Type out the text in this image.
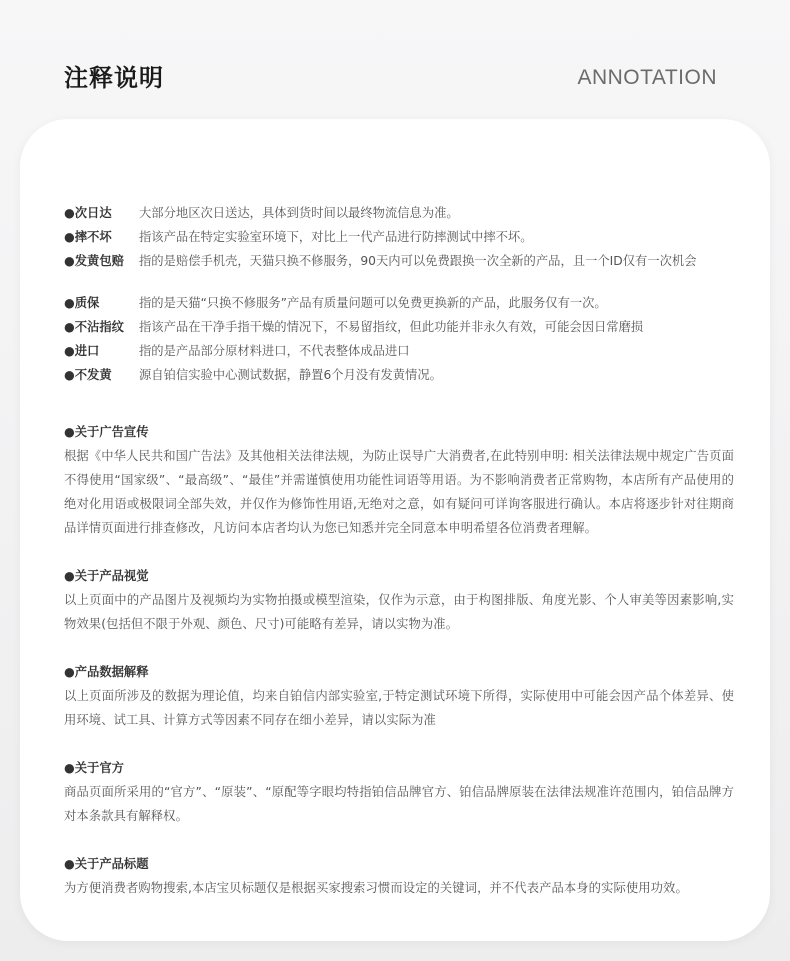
注释说明	ANNOTATION
●次日达	大部分地区次日送达，具体到货时间以最终物流信息为准。
●摔不坏	指该产品在特定实验室环境下，对比上一代产品进行防摔测试中摔不坏。
●发黄包赔	指的是赔偿手机壳，天猫只换不修服务，90天内可以免费跟换一次全新的产品，且一个ID仅有一次机会
●质保	指的是天猫“只换不修服务”产品有质量问题可以免费更换新的产品，此服务仅有一次。
●不沾指纹	指该产品在干净手指干燥的情况下，不易留指纹，但此功能并非永久有效，可能会因日常磨损
●进口	指的是产品部分原材料进口，不代表整体成品进口
●不发黄	源自铂信实验中心测试数据，静置6个月没有发黄情况。
●关于广告宣传
根据《中华人民共和国广告法》及其他相关法律法规，为防止误导广大消费者,在此特别申明: 相关法律法规中规定广告页面不得使用“国家级”、“最高级”、“最佳”并需谨慎使用功能性词语等用语。为不影响消费者正常购物，本店所有产品使用的绝对化用语或极限词全部失效，并仅作为修饰性用语,无绝对之意，如有疑问可详询客服进行确认。本店将逐步针对往期商品详情页面进行排查修改，凡访问本店者均认为您已知悉并完全同意本申明希望各位消费者理解。
●关于产品视觉
以上页面中的产品图片及视频均为实物拍摄或模型渲染，仅作为示意，由于构图排版、角度光影、个人审美等因素影响,实物效果(包括但不限于外观、颜色、尺寸)可能略有差异，请以实物为准。
●产品数据解释
以上页面所涉及的数据为理论值，均来自铂信内部实验室,于特定测试环境下所得，实际使用中可能会因产品个体差异、使用环境、试工具、计算方式等因素不同存在细小差异，请以实际为准
●关于官方
商品页面所采用的“官方”、“原装”、“原配等字眼均特指铂信品牌官方、铂信品牌原装在法律法规准许范围内，铂信品牌方对本条款具有解释权。
●关于产品标题
为方便消费者购物搜索,本店宝贝标题仅是根据买家搜索习惯而设定的关键词，并不代表产品本身的实际使用功效。
